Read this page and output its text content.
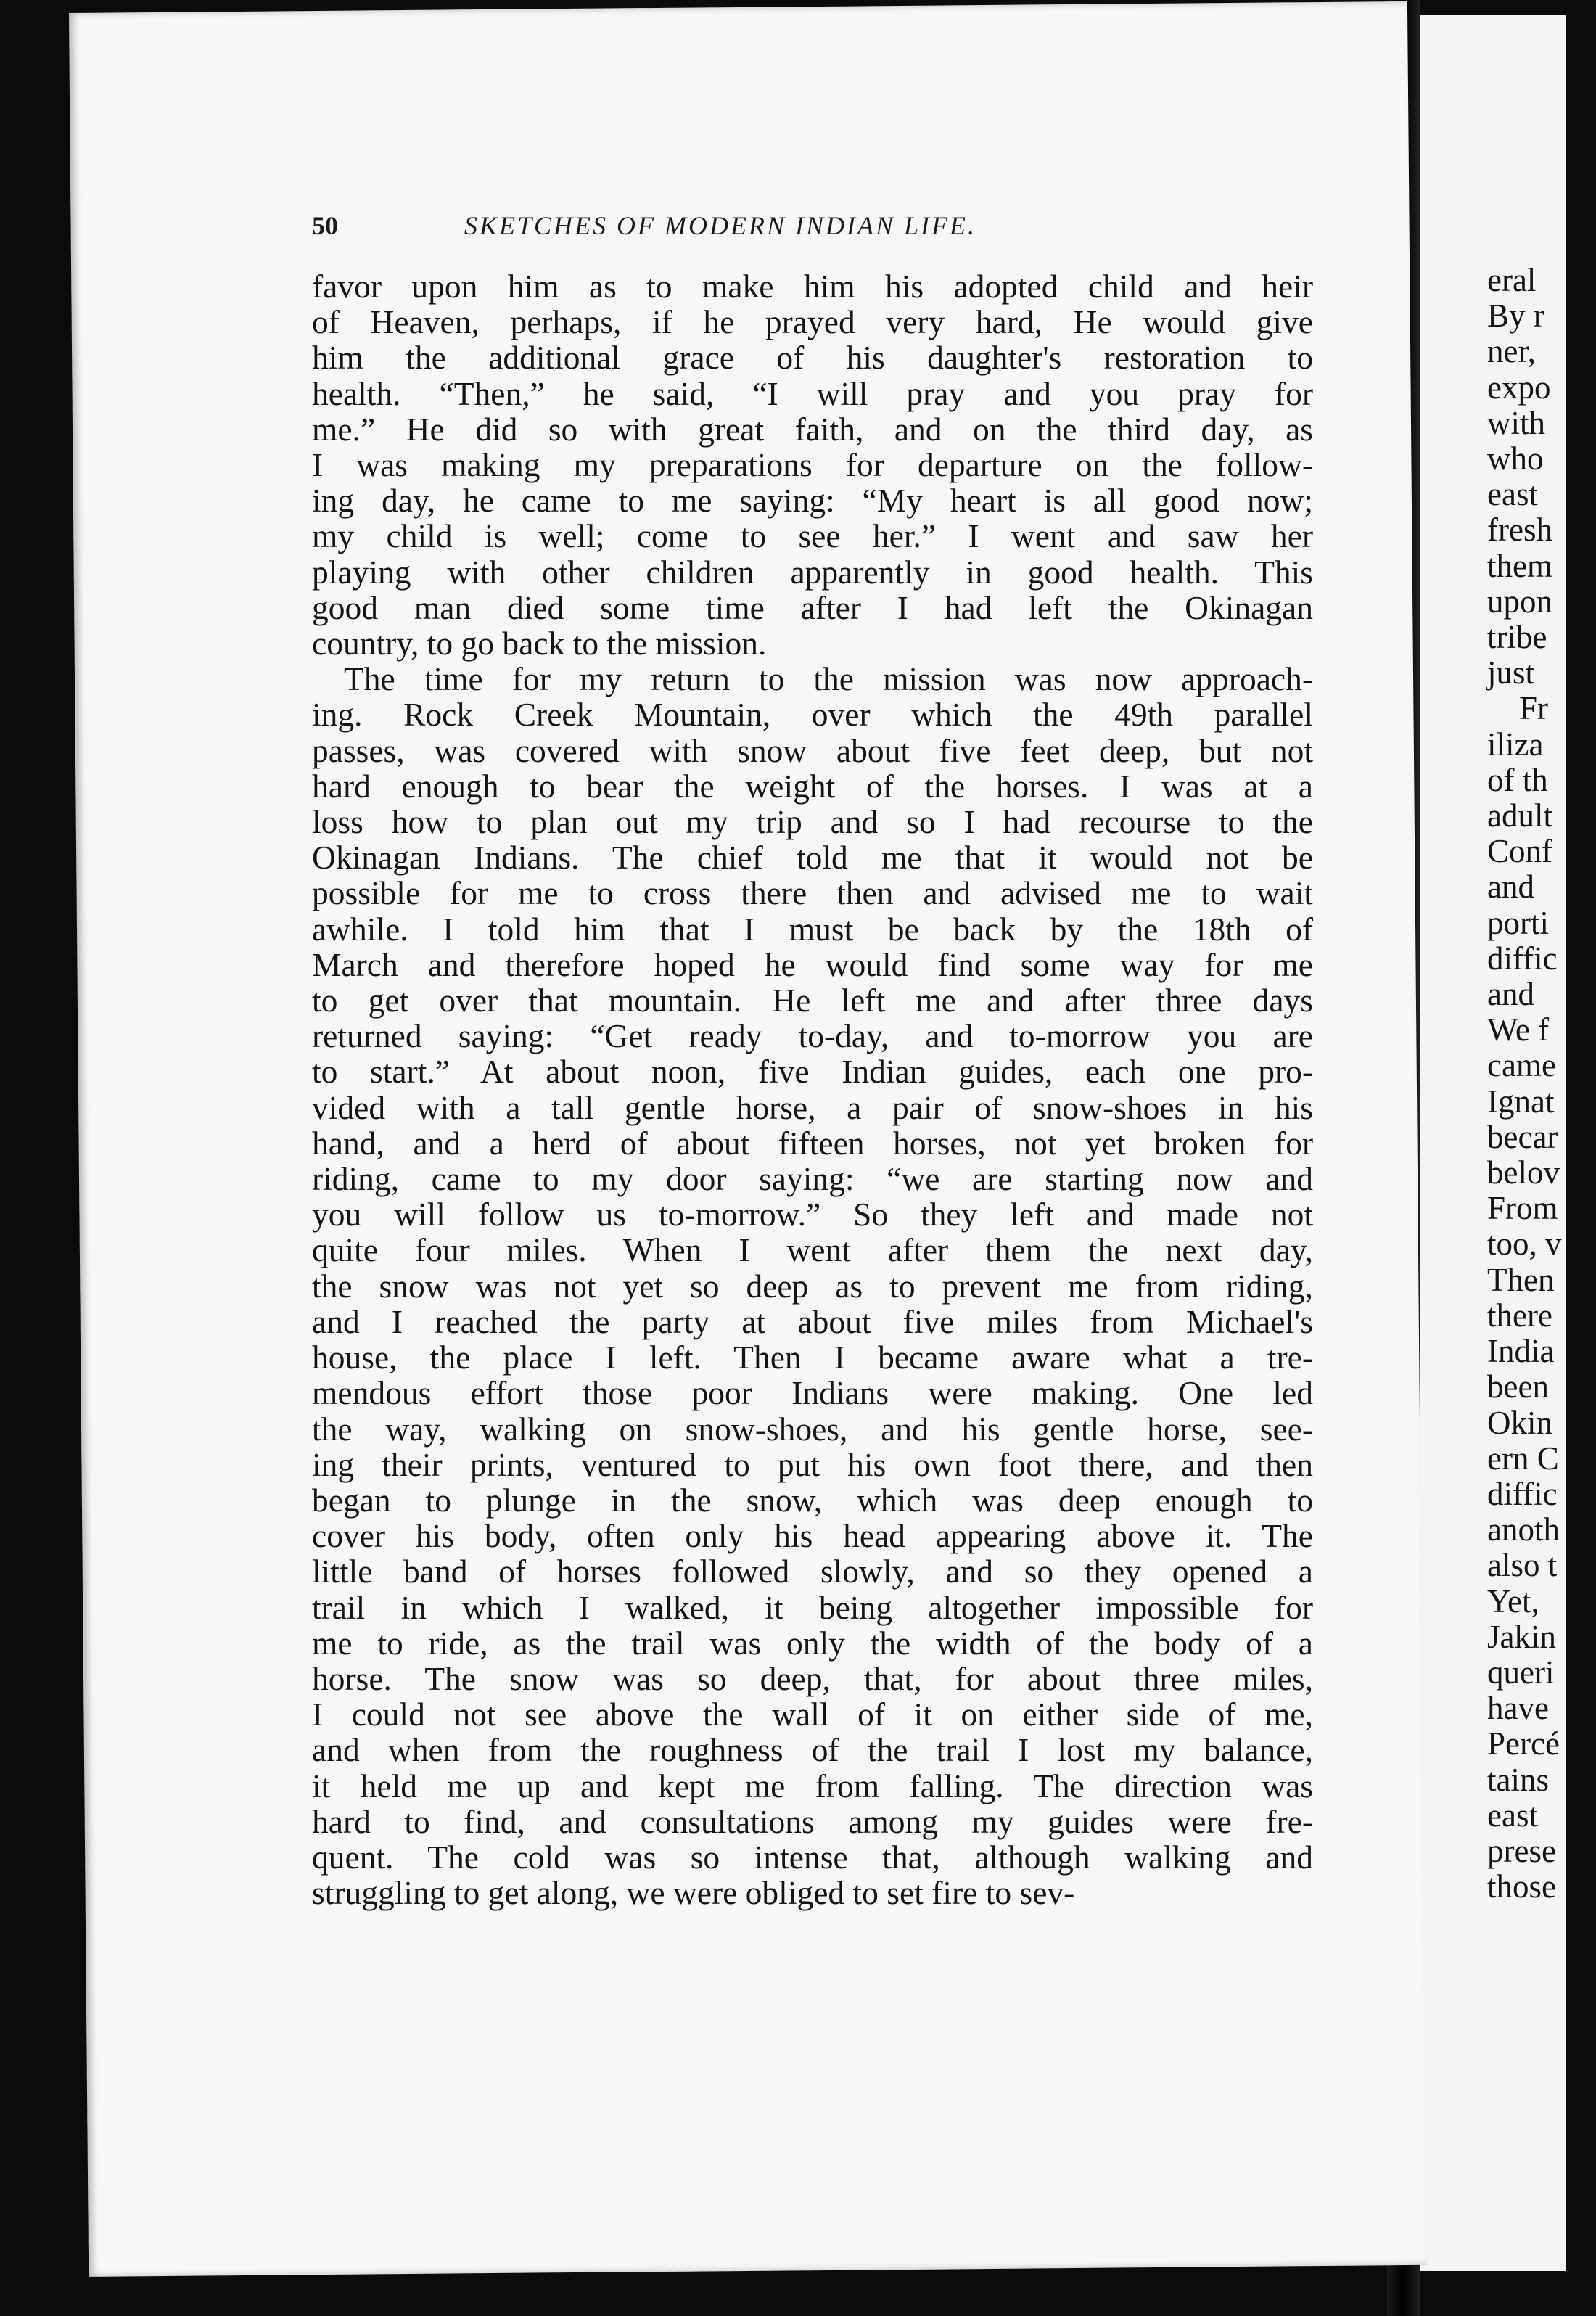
50	SKETCHES OF MODERN INDIAN LIFE.
favor upon him as to make him his adopted child and heir
of Heaven, perhaps, if he prayed very hard, He would give
him the additional grace of his daughter's restoration to
health. “Then,” he said, “I will pray and you pray for
me.” He did so with great faith, and on the third day, as
I was making my preparations for departure on the follow-
ing day, he came to me saying: “My heart is all good now;
my child is well; come to see her.” I went and saw her
playing with other children apparently in good health. This
good man died some time after I had left the Okinagan
country, to go back to the mission.
The time for my return to the mission was now approach-
ing. Rock Creek Mountain, over which the 49th parallel
passes, was covered with snow about five feet deep, but not
hard enough to bear the weight of the horses. I was at a
loss how to plan out my trip and so I had recourse to the
Okinagan Indians. The chief told me that it would not be
possible for me to cross there then and advised me to wait
awhile. I told him that I must be back by the 18th of
March and therefore hoped he would find some way for me
to get over that mountain. He left me and after three days
returned saying: “Get ready to-day, and to-morrow you are
to start.” At about noon, five Indian guides, each one pro-
vided with a tall gentle horse, a pair of snow-shoes in his
hand, and a herd of about fifteen horses, not yet broken for
riding, came to my door saying: “we are starting now and
you will follow us to-morrow.” So they left and made not
quite four miles. When I went after them the next day,
the snow was not yet so deep as to prevent me from riding,
and I reached the party at about five miles from Michael's
house, the place I left. Then I became aware what a tre-
mendous effort those poor Indians were making. One led
the way, walking on snow-shoes, and his gentle horse, see-
ing their prints, ventured to put his own foot there, and then
began to plunge in the snow, which was deep enough to
cover his body, often only his head appearing above it. The
little band of horses followed slowly, and so they opened a
trail in which I walked, it being altogether impossible for
me to ride, as the trail was only the width of the body of a
horse. The snow was so deep, that, for about three miles,
I could not see above the wall of it on either side of me,
and when from the roughness of the trail I lost my balance,
it held me up and kept me from falling. The direction was
hard to find, and consultations among my guides were fre-
quent. The cold was so intense that, although walking and
struggling to get along, we were obliged to set fire to sev-
eral
By r
ner,
expo
with
who
east
fresh
them
upon
tribe
just
Fr
iliza
of th
adult
Conf
and
porti
diffic
and
We f
came
Ignat
becar
belov
From
too, v
Then
there
India
been
Okin
ern C
diffic
anoth
also t
Yet,
Jakin
queri
have
Percé
tains
east
prese
those
